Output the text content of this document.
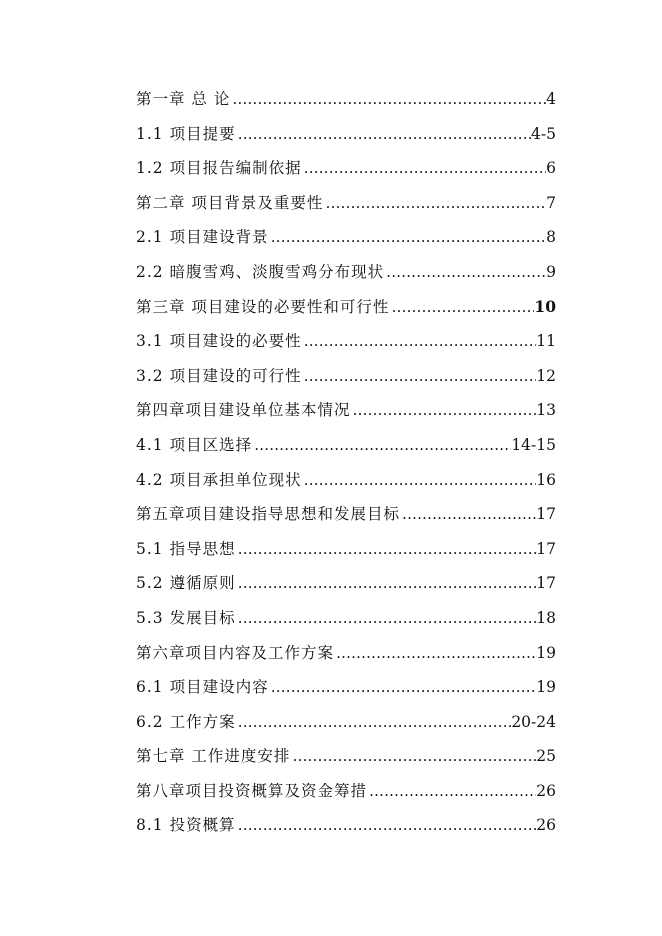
第一章 总 论 …………………………………………………………………………………………………………	4
1.1 项目提要 …………………………………………………………………………………………………………	4-5
1.2 项目报告编制依据 …………………………………………………………………………………………………………	6
第二章 项目背景及重要性 …………………………………………………………………………………………………………	7
2.1 项目建设背景 …………………………………………………………………………………………………………	8
2.2 暗腹雪鸡、淡腹雪鸡分布现状 …………………………………………………………………………………………………………	9
第三章 项目建设的必要性和可行性 …………………………………………………………………………………………………………	10
3.1 项目建设的必要性 …………………………………………………………………………………………………………	11
3.2 项目建设的可行性 …………………………………………………………………………………………………………	12
第四章项目建设单位基本情况 …………………………………………………………………………………………………………	13
4.1 项目区选择 …………………………………………………………………………………………………………	14-15
4.2 项目承担单位现状 …………………………………………………………………………………………………………	16
第五章项目建设指导思想和发展目标 …………………………………………………………………………………………………………	17
5.1 指导思想 …………………………………………………………………………………………………………	17
5.2 遵循原则 …………………………………………………………………………………………………………	17
5.3 发展目标 …………………………………………………………………………………………………………	18
第六章项目内容及工作方案 …………………………………………………………………………………………………………	19
6.1 项目建设内容 …………………………………………………………………………………………………………	19
6.2 工作方案 …………………………………………………………………………………………………………	20-24
第七章 工作进度安排 …………………………………………………………………………………………………………	25
第八章项目投资概算及资金筹措 …………………………………………………………………………………………………………	26
8.1 投资概算 …………………………………………………………………………………………………………	26
